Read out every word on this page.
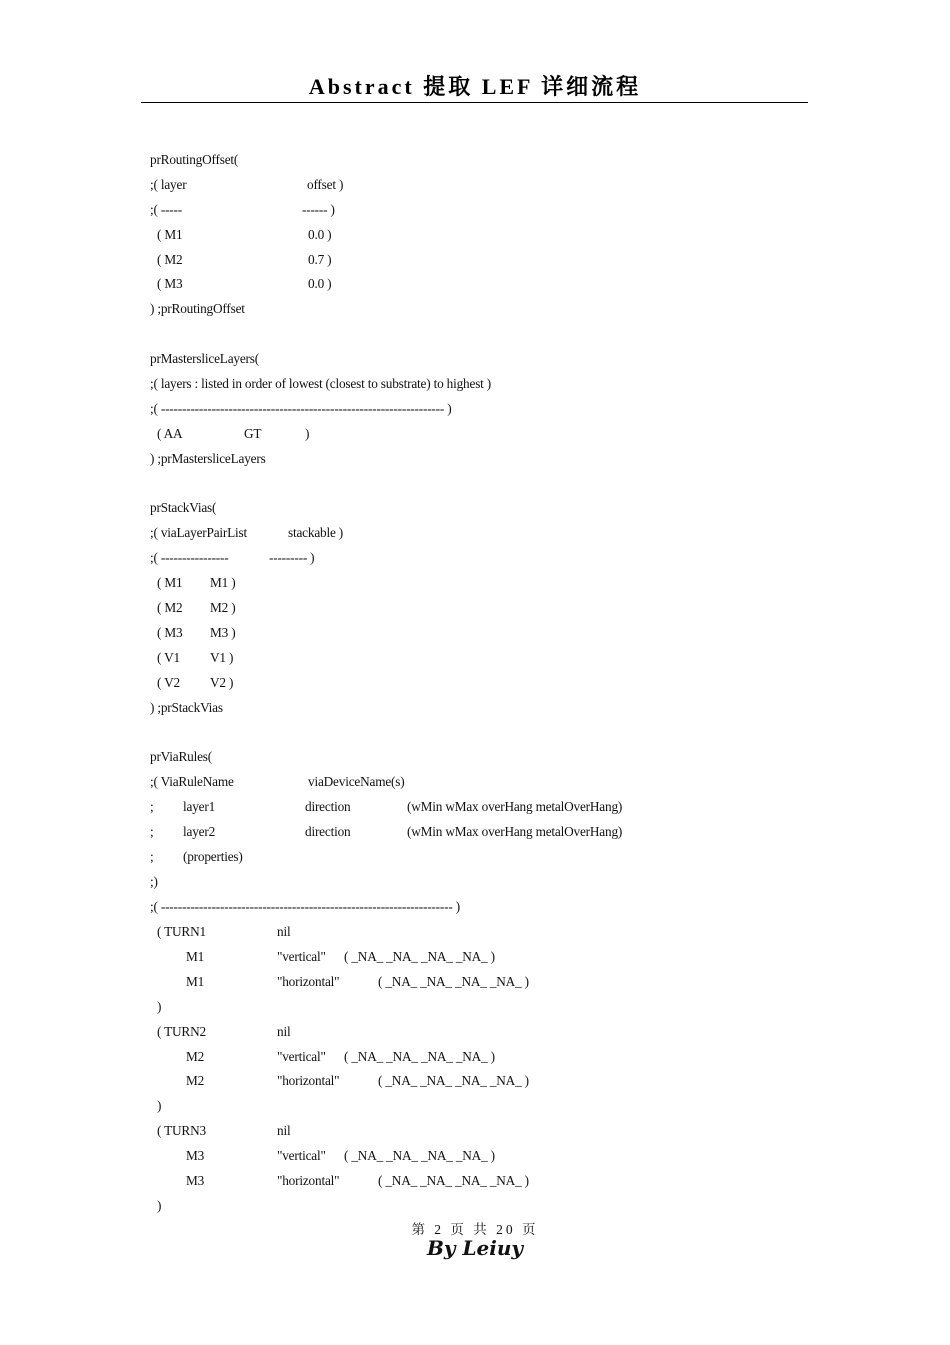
Abstract 提取 LEF 详细流程
prRoutingOffset(
;( layer	offset )
;( -----	------ )
( M1	0.0 )
( M2	0.7 )
( M3	0.0 )
) ;prRoutingOffset
prMastersliceLayers(
;( layers : listed in order of lowest (closest to substrate) to highest )
;( ------------------------------------------------------------------- )
( AA	GT	)
) ;prMastersliceLayers
prStackVias(
;( viaLayerPairList	stackable )
;( ----------------	--------- )
( M1 M1 )
( M2 M2 )
( M3 M3 )
( V1 V1 )
( V2 V2 )
) ;prStackVias
prViaRules(
;( ViaRuleName	viaDeviceName(s)
; layer1	direction	(wMin wMax overHang metalOverHang)
; layer2	direction	(wMin wMax overHang metalOverHang)
; (properties)
;)
;( --------------------------------------------------------------------- )
( TURN1	nil
M1	"vertical" ( _NA_ _NA_ _NA_ _NA_ )
M1	"horizontal"	( _NA_ _NA_ _NA_ _NA_ )
)
( TURN2	nil
M2	"vertical" ( _NA_ _NA_ _NA_ _NA_ )
M2	"horizontal"	( _NA_ _NA_ _NA_ _NA_ )
)
( TURN3	nil
M3	"vertical" ( _NA_ _NA_ _NA_ _NA_ )
M3	"horizontal"	( _NA_ _NA_ _NA_ _NA_ )
)
第 2 页 共 20 页
By Leiuy
